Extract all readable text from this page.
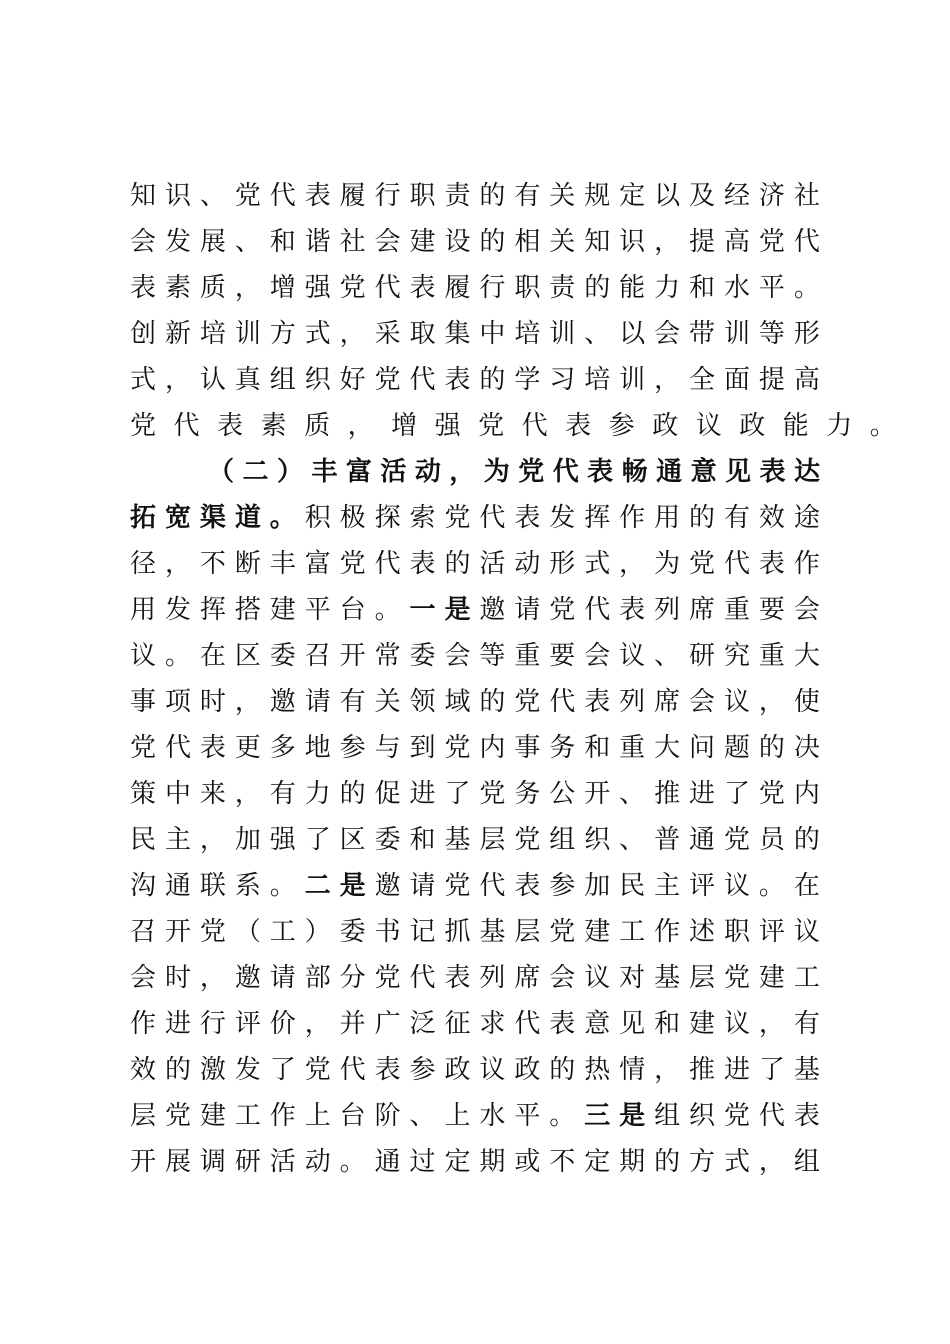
知 识 、 党 代 表 履 行 职 责 的 有 关 规 定 以 及 经 济 社
会 发 展 、 和 谐 社 会 建 设 的 相 关 知 识 ， 提 高 党 代
表 素 质 ， 增 强 党 代 表 履 行 职 责 的 能 力 和 水 平 。
创 新 培 训 方 式 ， 采 取 集 中 培 训 、 以 会 带 训 等 形
式 ， 认 真 组 织 好 党 代 表 的 学 习 培 训 ， 全 面 提 高
党 代 表 素 质 ， 增 强 党 代 表 参 政 议 政 能 力 。
（ 二 ） 丰 富 活 动 ， 为 党 代 表 畅 通 意 见 表 达
拓 宽 渠 道 。 积 极 探 索 党 代 表 发 挥 作 用 的 有 效 途
径 ， 不 断 丰 富 党 代 表 的 活 动 形 式 ， 为 党 代 表 作
用 发 挥 搭 建 平 台 。 一 是 邀 请 党 代 表 列 席 重 要 会
议 。 在 区 委 召 开 常 委 会 等 重 要 会 议 、 研 究 重 大
事 项 时 ， 邀 请 有 关 领 域 的 党 代 表 列 席 会 议 ， 使
党 代 表 更 多 地 参 与 到 党 内 事 务 和 重 大 问 题 的 决
策 中 来 ， 有 力 的 促 进 了 党 务 公 开 、 推 进 了 党 内
民 主 ， 加 强 了 区 委 和 基 层 党 组 织 、 普 通 党 员 的
沟 通 联 系 。 二 是 邀 请 党 代 表 参 加 民 主 评 议 。 在
召 开 党 （ 工 ） 委 书 记 抓 基 层 党 建 工 作 述 职 评 议
会 时 ， 邀 请 部 分 党 代 表 列 席 会 议 对 基 层 党 建 工
作 进 行 评 价 ， 并 广 泛 征 求 代 表 意 见 和 建 议 ， 有
效 的 激 发 了 党 代 表 参 政 议 政 的 热 情 ， 推 进 了 基
层 党 建 工 作 上 台 阶 、 上 水 平 。 三 是 组 织 党 代 表
开 展 调 研 活 动 。 通 过 定 期 或 不 定 期 的 方 式 ， 组
